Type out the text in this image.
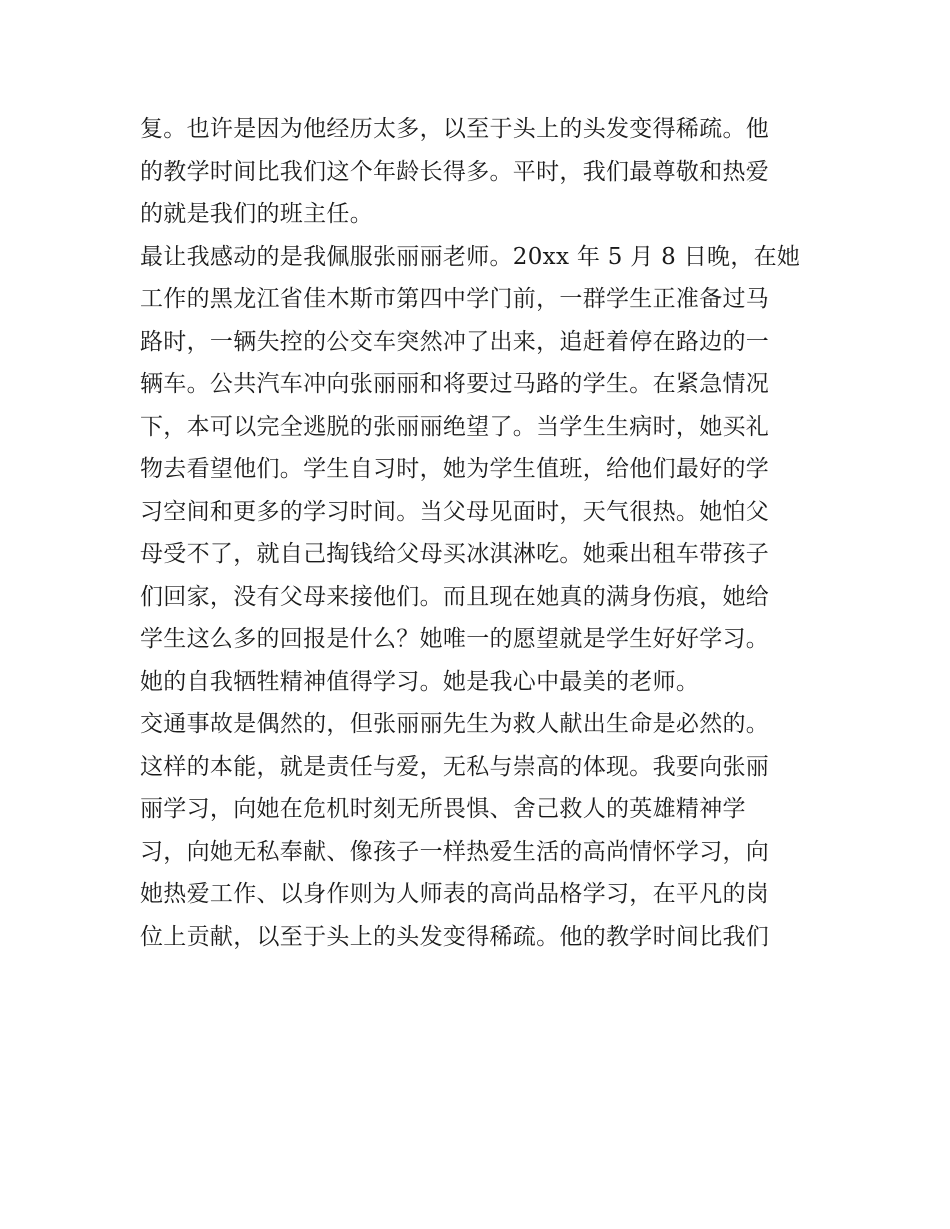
复。也许是因为他经历太多，以至于头上的头发变得稀疏。他
的教学时间比我们这个年龄长得多。平时，我们最尊敬和热爱
的就是我们的班主任。
最让我感动的是我佩服张丽丽老师。20xx 年 5 月 8 日晚，在她
工作的黑龙江省佳木斯市第四中学门前，一群学生正准备过马
路时，一辆失控的公交车突然冲了出来，追赶着停在路边的一
辆车。公共汽车冲向张丽丽和将要过马路的学生。在紧急情况
下，本可以完全逃脱的张丽丽绝望了。当学生生病时，她买礼
物去看望他们。学生自习时，她为学生值班，给他们最好的学
习空间和更多的学习时间。当父母见面时，天气很热。她怕父
母受不了，就自己掏钱给父母买冰淇淋吃。她乘出租车带孩子
们回家，没有父母来接他们。而且现在她真的满身伤痕，她给
学生这么多的回报是什么？她唯一的愿望就是学生好好学习。
她的自我牺牲精神值得学习。她是我心中最美的老师。
交通事故是偶然的，但张丽丽先生为救人献出生命是必然的。
这样的本能，就是责任与爱，无私与崇高的体现。我要向张丽
丽学习，向她在危机时刻无所畏惧、舍己救人的英雄精神学
习，向她无私奉献、像孩子一样热爱生活的高尚情怀学习，向
她热爱工作、以身作则为人师表的高尚品格学习，在平凡的岗
位上贡献，以至于头上的头发变得稀疏。他的教学时间比我们
